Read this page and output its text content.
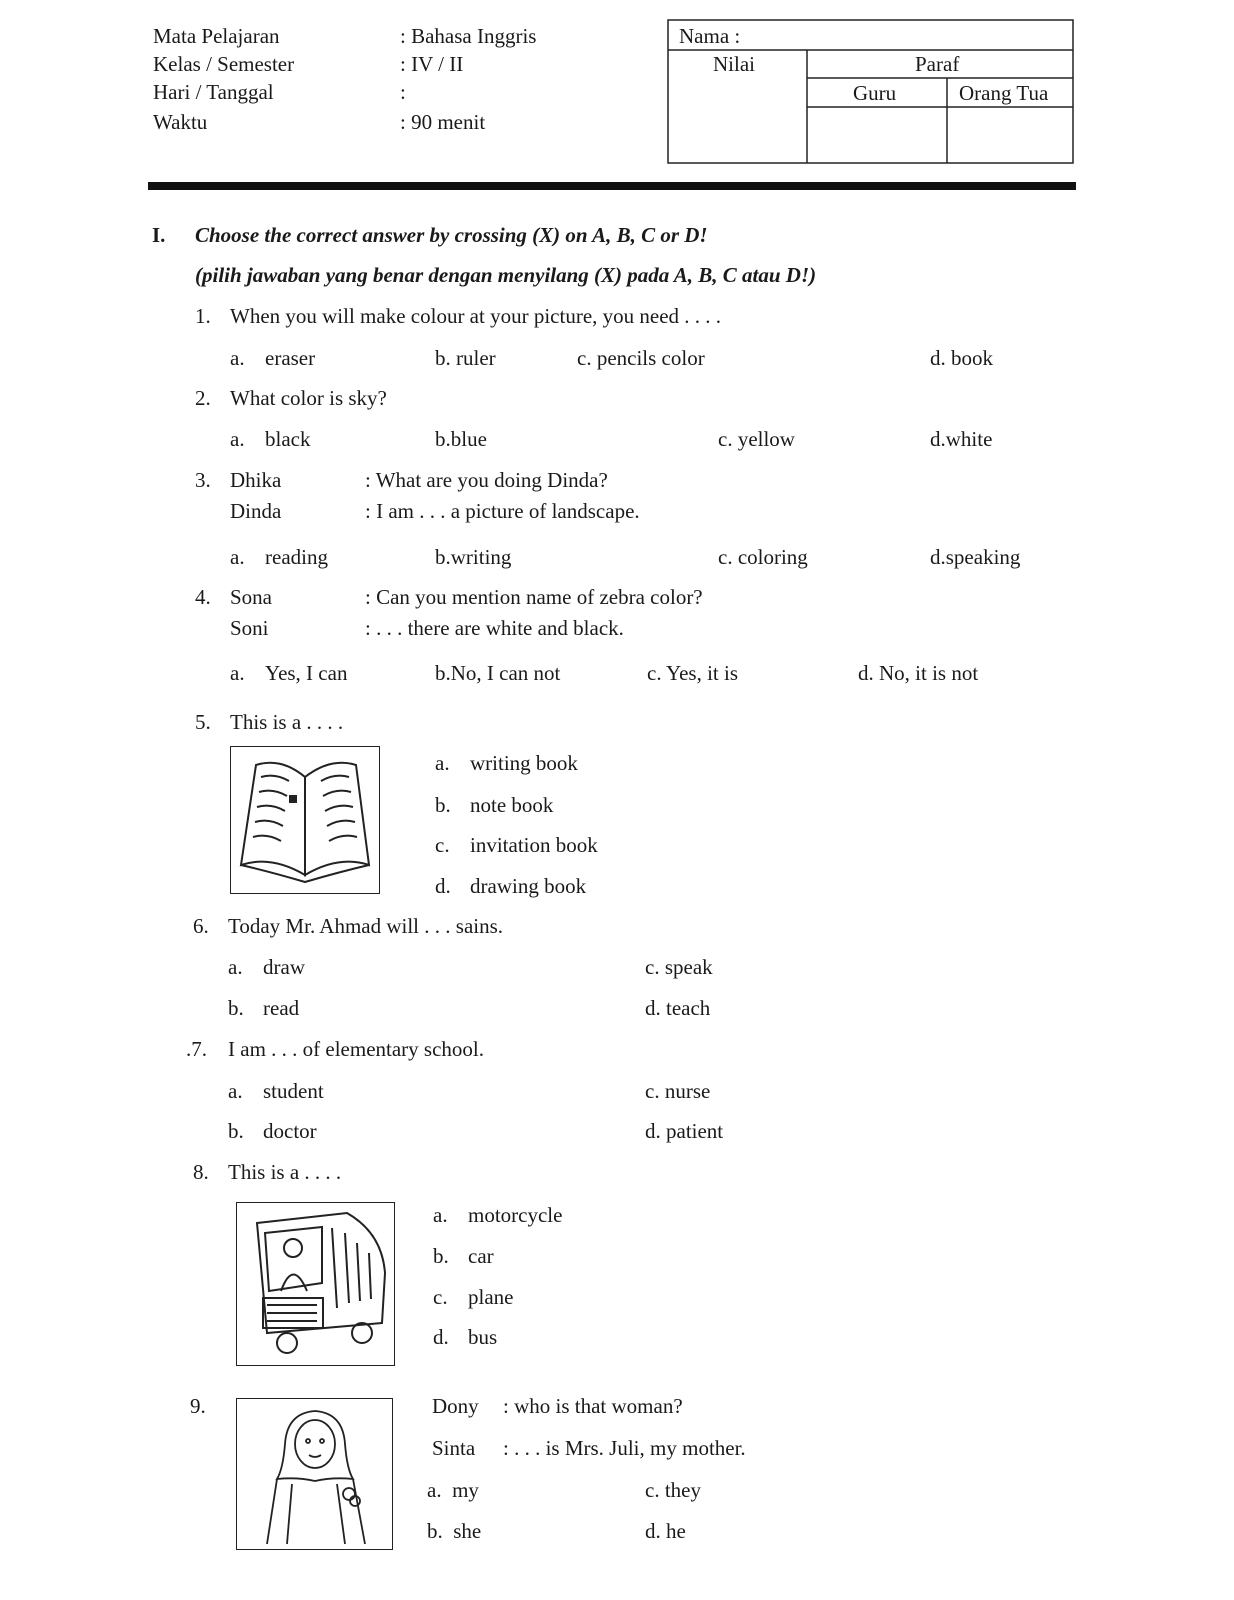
Mata Pelajaran	: Bahasa Inggris
Kelas / Semester	: IV / II
Hari / Tanggal	:
Waktu	: 90 menit
Nama :
Nilai	Paraf
Guru	Orang Tua
I. Choose the correct answer by crossing (X) on A, B, C or D!
(pilih jawaban yang benar dengan menyilang (X) pada A, B, C atau D!)
1. When you will make colour at your picture, you need . . . .
a. eraser	b. ruler	c. pencils color	d. book
2. What color is sky?
a. black	b.blue	c. yellow	d.white
3. Dhika	: What are you doing Dinda?
Dinda	: I am . . . a picture of landscape.
a. reading	b.writing	c. coloring	d.speaking
4. Sona	: Can you mention name of zebra color?
Soni	: . . . there are white and black.
a. Yes, I can	b.No, I can not	c. Yes, it is	d. No, it is not
5. This is a . . . .
a. writing book
b. note book
c. invitation book
d. drawing book
6. Today Mr. Ahmad will . . . sains.
a. draw	c. speak
b. read	d. teach
.7. I am . . . of elementary school.
a. student	c. nurse
b. doctor	d. patient
8. This is a . . . .
a. motorcycle
b. car
c. plane
d. bus
9.	Dony : who is that woman?
Sinta : . . . is Mrs. Juli, my mother.
a.  my	c. they
b.  she	d. he
